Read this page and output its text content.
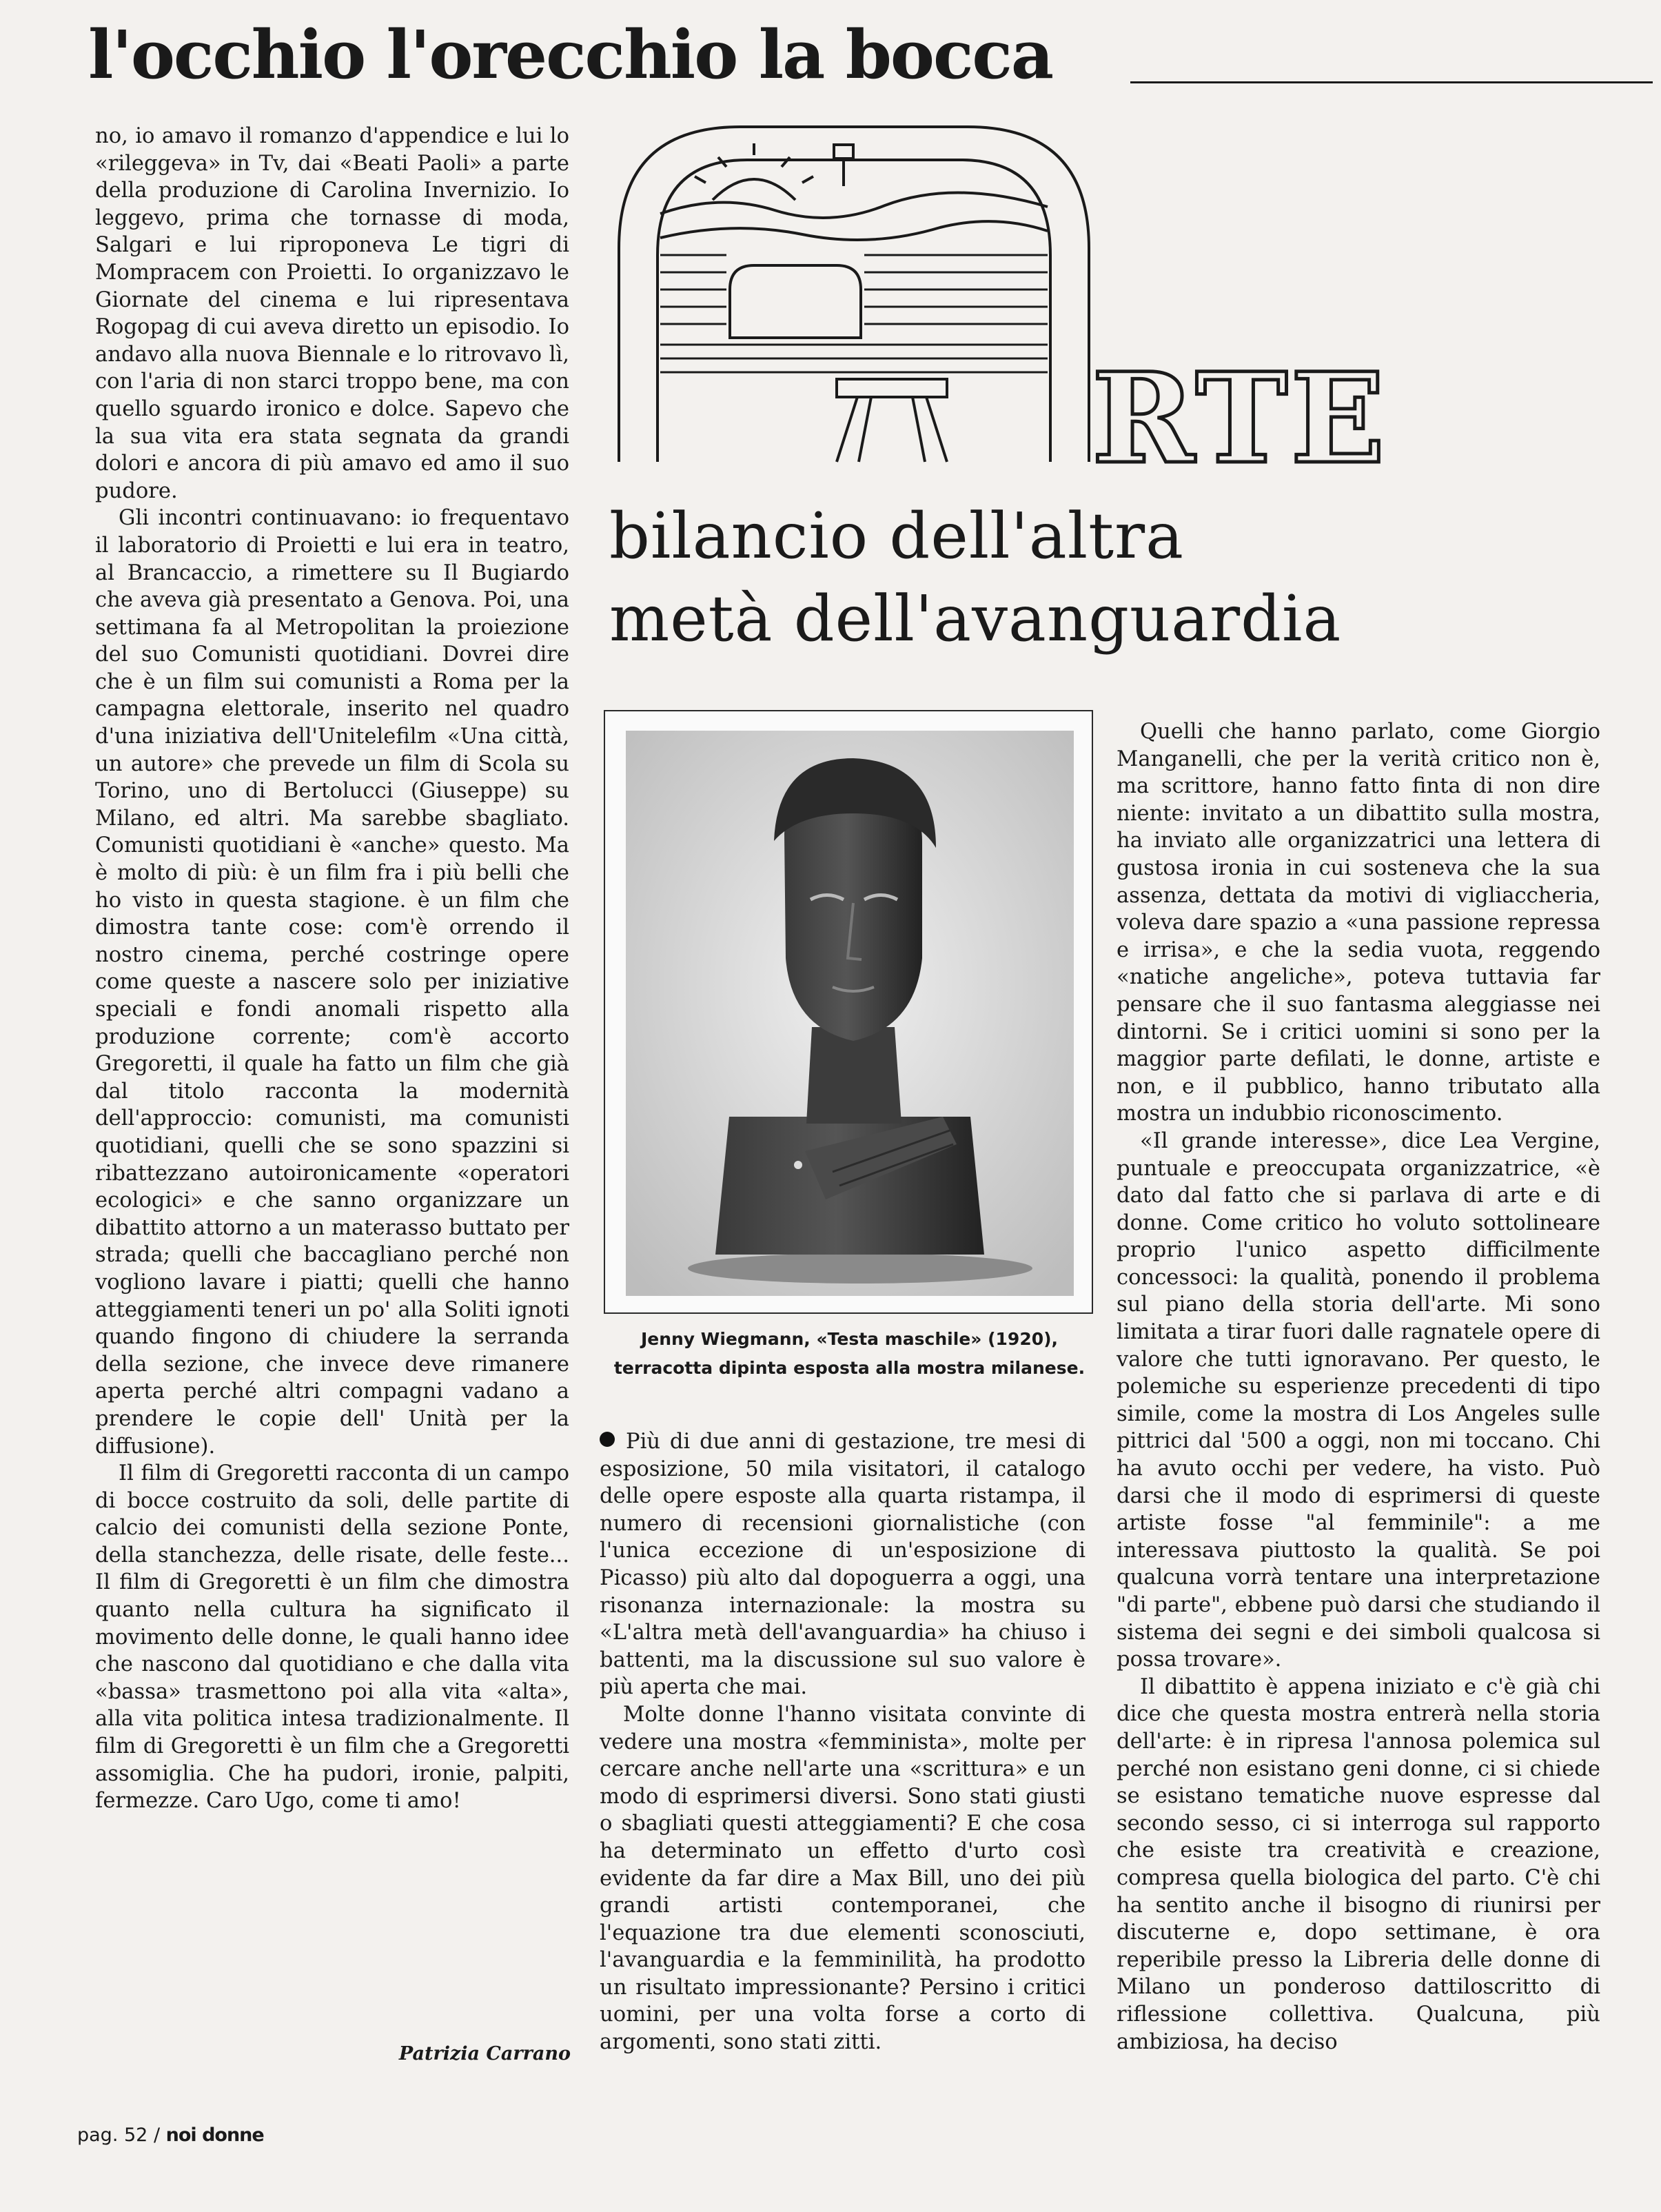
l'occhio l'orecchio la bocca
RTE
bilancio dell'altra
metà dell'avanguardia

no, io amavo il romanzo d'appendice e lui lo «rileggeva» in Tv, dai «Beati Paoli» a parte della produzione di Carolina Invernizio. Io leggevo, prima che tornasse di moda, Salgari e lui riproponeva Le tigri di Mompracem con Proietti. Io organizzavo le Giornate del cinema e lui ripresentava Rogopag di cui aveva diretto un episodio. Io andavo alla nuova Biennale e lo ritrovavo lì, con l'aria di non starci troppo bene, ma con quello sguardo ironico e dolce. Sapevo che la sua vita era stata segnata da grandi dolori e ancora di più amavo ed amo il suo pudore.

Gli incontri continuavano: io frequentavo il laboratorio di Proietti e lui era in teatro, al Brancaccio, a rimettere su Il Bugiardo che aveva già presentato a Genova. Poi, una settimana fa al Metropolitan la proiezione del suo Comunisti quotidiani. Dovrei dire che è un film sui comunisti a Roma per la campagna elettorale, inserito nel quadro d'una iniziativa dell'Unitelefilm «Una città, un autore» che prevede un film di Scola su Torino, uno di Bertolucci (Giuseppe) su Milano, ed altri. Ma sarebbe sbagliato. Comunisti quotidiani è «anche» questo. Ma è molto di più: è un film fra i più belli che ho visto in questa stagione. è un film che dimostra tante cose: com'è orrendo il nostro cinema, perché costringe opere come queste a nascere solo per iniziative speciali e fondi anomali rispetto alla produzione corrente; com'è accorto Gregoretti, il quale ha fatto un film che già dal titolo racconta la modernità dell'approccio: comunisti, ma comunisti quotidiani, quelli che se sono spazzini si ribattezzano autoironicamente «operatori ecologici» e che sanno organizzare un dibattito attorno a un materasso buttato per strada; quelli che baccagliano perché non vogliono lavare i piatti; quelli che hanno atteggiamenti teneri un po' alla Soliti ignoti quando fingono di chiudere la serranda della sezione, che invece deve rimanere aperta perché altri compagni vadano a prendere le copie dell' Unità per la diffusione).

Il film di Gregoretti racconta di un campo di bocce costruito da soli, delle partite di calcio dei comunisti della sezione Ponte, della stanchezza, delle risate, delle feste... Il film di Gregoretti è un film che dimostra quanto nella cultura ha significato il movimento delle donne, le quali hanno idee che nascono dal quotidiano e che dalla vita «bassa» trasmettono poi alla vita «alta», alla vita politica intesa tradizionalmente. Il film di Gregoretti è un film che a Gregoretti assomiglia. Che ha pudori, ironie, palpiti, fermezze. Caro Ugo, come ti amo!

Patrizia Carrano

Jenny Wiegmann, «Testa maschile» (1920), terracotta dipinta esposta alla mostra milanese.

Più di due anni di gestazione, tre mesi di esposizione, 50 mila visitatori, il catalogo delle opere esposte alla quarta ristampa, il numero di recensioni giornalistiche (con l'unica eccezione di un'esposizione di Picasso) più alto dal dopoguerra a oggi, una risonanza internazionale: la mostra su «L'altra metà dell'avanguardia» ha chiuso i battenti, ma la discussione sul suo valore è più aperta che mai.

Molte donne l'hanno visitata convinte di vedere una mostra «femminista», molte per cercare anche nell'arte una «scrittura» e un modo di esprimersi diversi. Sono stati giusti o sbagliati questi atteggiamenti? E che cosa ha determinato un effetto d'urto così evidente da far dire a Max Bill, uno dei più grandi artisti contemporanei, che l'equazione tra due elementi sconosciuti, l'avanguardia e la femminilità, ha prodotto un risultato impressionante? Persino i critici uomini, per una volta forse a corto di argomenti, sono stati zitti.

Quelli che hanno parlato, come Giorgio Manganelli, che per la verità critico non è, ma scrittore, hanno fatto finta di non dire niente: invitato a un dibattito sulla mostra, ha inviato alle organizzatrici una lettera di gustosa ironia in cui sosteneva che la sua assenza, dettata da motivi di vigliaccheria, voleva dare spazio a «una passione repressa e irrisa», e che la sedia vuota, reggendo «natiche angeliche», poteva tuttavia far pensare che il suo fantasma aleggiasse nei dintorni. Se i critici uomini si sono per la maggior parte defilati, le donne, artiste e non, e il pubblico, hanno tributato alla mostra un indubbio riconoscimento.

«Il grande interesse», dice Lea Vergine, puntuale e preoccupata organizzatrice, «è dato dal fatto che si parlava di arte e di donne. Come critico ho voluto sottolineare proprio l'unico aspetto difficilmente concessoci: la qualità, ponendo il problema sul piano della storia dell'arte. Mi sono limitata a tirar fuori dalle ragnatele opere di valore che tutti ignoravano. Per questo, le polemiche su esperienze precedenti di tipo simile, come la mostra di Los Angeles sulle pittrici dal '500 a oggi, non mi toccano. Chi ha avuto occhi per vedere, ha visto. Può darsi che il modo di esprimersi di queste artiste fosse "al femminile": a me interessava piuttosto la qualità. Se poi qualcuna vorrà tentare una interpretazione "di parte", ebbene può darsi che studiando il sistema dei segni e dei simboli qualcosa si possa trovare».

Il dibattito è appena iniziato e c'è già chi dice che questa mostra entrerà nella storia dell'arte: è in ripresa l'annosa polemica sul perché non esistano geni donne, ci si chiede se esistano tematiche nuove espresse dal secondo sesso, ci si interroga sul rapporto che esiste tra creatività e creazione, compresa quella biologica del parto. C'è chi ha sentito anche il bisogno di riunirsi per discuterne e, dopo settimane, è ora reperibile presso la Libreria delle donne di Milano un ponderoso dattiloscritto di riflessione collettiva. Qualcuna, più ambiziosa, ha deciso

pag. 52 / noi donne
